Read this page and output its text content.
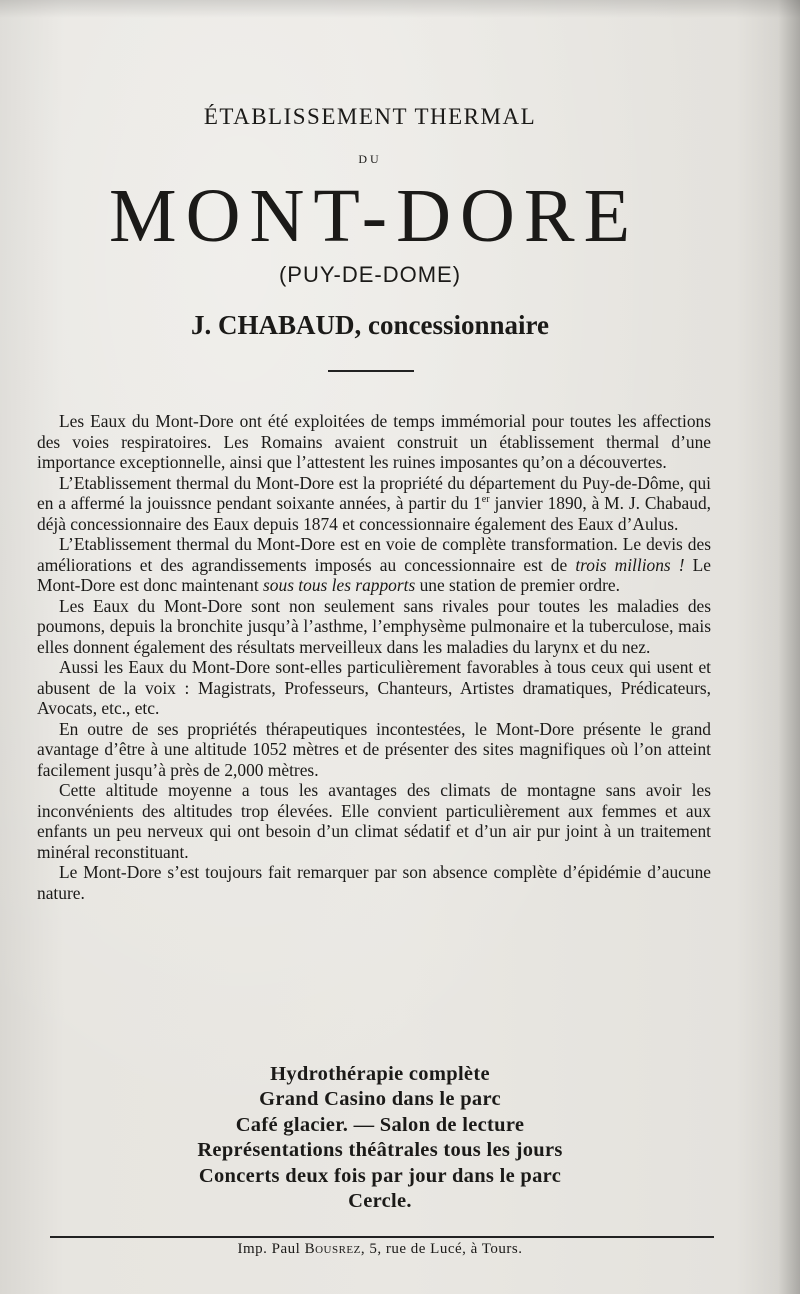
ÉTABLISSEMENT THERMAL
DU
MONT-DORE
(PUY-DE-DOME)
J. CHABAUD, concessionnaire

Les Eaux du Mont-Dore ont été exploitées de temps immémorial pour toutes les affections des voies respiratoires. Les Romains avaient construit un établissement thermal d’une importance exceptionnelle, ainsi que l’attestent les ruines imposantes qu’on a découvertes.

L’Etablissement thermal du Mont-Dore est la propriété du département du Puy-de-Dôme, qui en a affermé la jouissnce pendant soixante années, à partir du 1er janvier 1890, à M. J. Chabaud, déjà concessionnaire des Eaux depuis 1874 et concessionnaire également des Eaux d’Aulus.

L’Etablissement thermal du Mont-Dore est en voie de complète transformation. Le devis des améliorations et des agrandissements imposés au concessionnaire est de trois millions ! Le Mont-Dore est donc maintenant sous tous les rapports une station de premier ordre.

Les Eaux du Mont-Dore sont non seulement sans rivales pour toutes les maladies des poumons, depuis la bronchite jusqu’à l’asthme, l’emphysème pulmonaire et la tuberculose, mais elles donnent également des résultats merveilleux dans les maladies du larynx et du nez.

Aussi les Eaux du Mont-Dore sont-elles particulièrement favorables à tous ceux qui usent et abusent de la voix : Magistrats, Professeurs, Chanteurs, Artistes dramatiques, Prédicateurs, Avocats, etc., etc.

En outre de ses propriétés thérapeutiques incontestées, le Mont-Dore présente le grand avantage d’être à une altitude 1052 mètres et de présenter des sites magnifiques où l’on atteint facilement jusqu’à près de 2,000 mètres.

Cette altitude moyenne a tous les avantages des climats de montagne sans avoir les inconvénients des altitudes trop élevées. Elle convient particulièrement aux femmes et aux enfants un peu nerveux qui ont besoin d’un climat sédatif et d’un air pur joint à un traitement minéral reconstituant.

Le Mont-Dore s’est toujours fait remarquer par son absence complète d’épidémie d’aucune nature.

Hydrothérapie complète
Grand Casino dans le parc
Café glacier. — Salon de lecture
Représentations théâtrales tous les jours
Concerts deux fois par jour dans le parc
Cercle.
Imp. Paul Bousrez, 5, rue de Lucé, à Tours.
